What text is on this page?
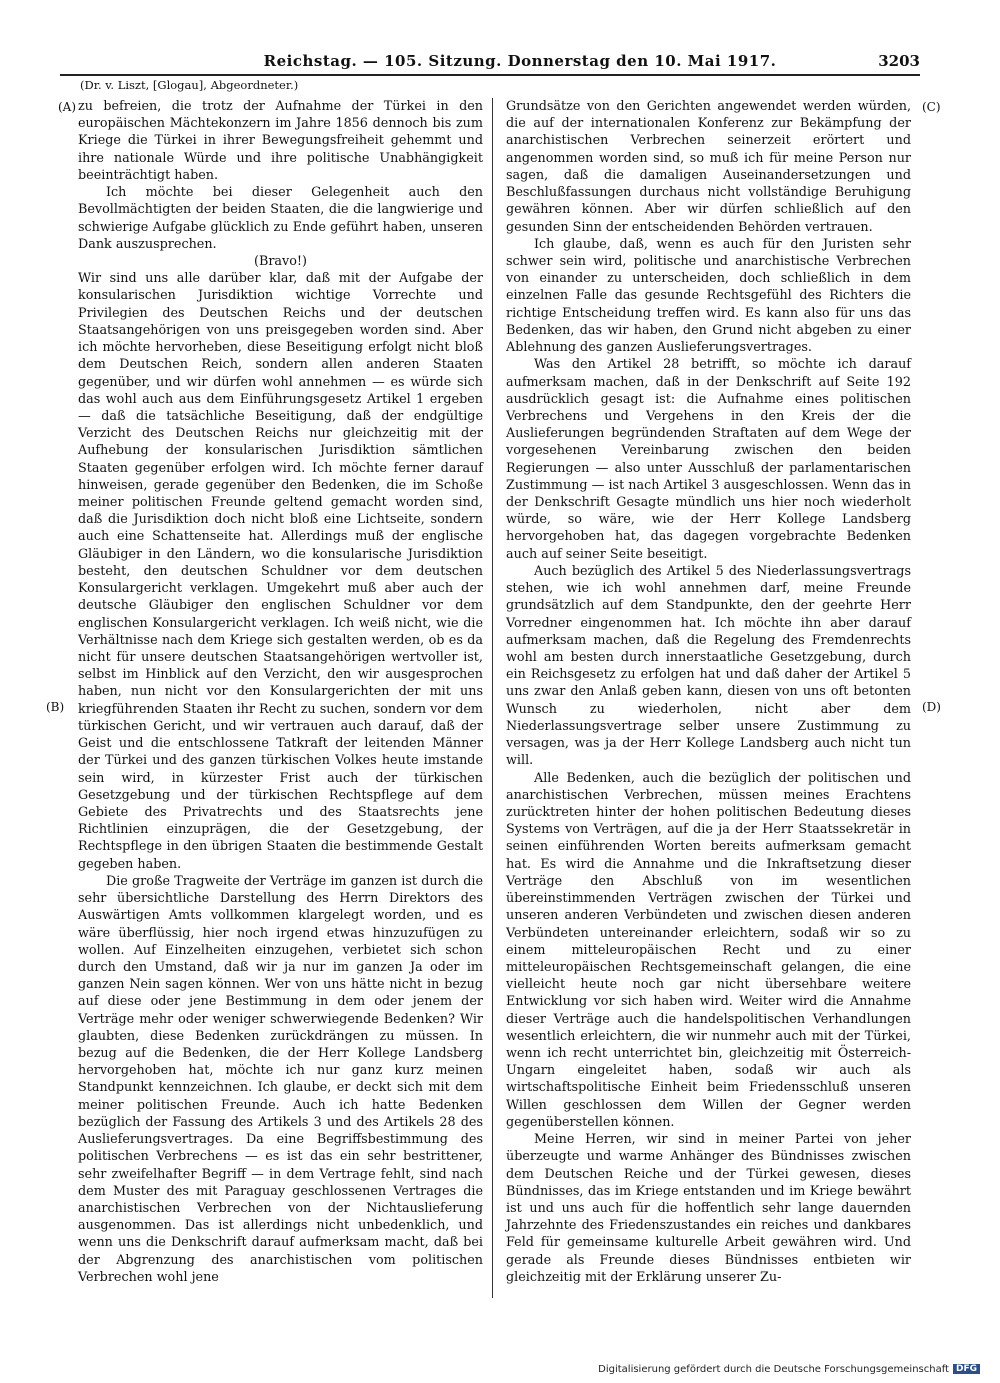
Reichstag. — 105. Sitzung. Donnerstag den 10. Mai 1917.	3203
(Dr. v. Liszt, [Glogau], Abgeordneter.)
(A)
(B)
(C)
(D)

zu befreien, die trotz der Aufnahme der Türkei in den europäischen Mächtekonzern im Jahre 1856 dennoch bis zum Kriege die Türkei in ihrer Bewegungsfreiheit gehemmt und ihre nationale Würde und ihre politische Unabhängigkeit beeinträchtigt haben.

Ich möchte bei dieser Gelegenheit auch den Bevollmächtigten der beiden Staaten, die die langwierige und schwierige Aufgabe glücklich zu Ende geführt haben, unseren Dank auszusprechen.

(Bravo!)

Wir sind uns alle darüber klar, daß mit der Aufgabe der konsularischen Jurisdiktion wichtige Vorrechte und Privilegien des Deutschen Reichs und der deutschen Staatsangehörigen von uns preisgegeben worden sind. Aber ich möchte hervorheben, diese Beseitigung erfolgt nicht bloß dem Deutschen Reich, sondern allen anderen Staaten gegenüber, und wir dürfen wohl annehmen — es würde sich das wohl auch aus dem Einführungsgesetz Artikel 1 ergeben — daß die tatsächliche Beseitigung, daß der endgültige Verzicht des Deutschen Reichs nur gleichzeitig mit der Aufhebung der konsularischen Jurisdiktion sämtlichen Staaten gegenüber erfolgen wird. Ich möchte ferner darauf hinweisen, gerade gegenüber den Bedenken, die im Schoße meiner politischen Freunde geltend gemacht worden sind, daß die Jurisdiktion doch nicht bloß eine Lichtseite, sondern auch eine Schattenseite hat. Allerdings muß der englische Gläubiger in den Ländern, wo die konsularische Jurisdiktion besteht, den deutschen Schuldner vor dem deutschen Konsulargericht verklagen. Umgekehrt muß aber auch der deutsche Gläubiger den englischen Schuldner vor dem englischen Konsulargericht verklagen. Ich weiß nicht, wie die Verhältnisse nach dem Kriege sich gestalten werden, ob es da nicht für unsere deutschen Staatsangehörigen wertvoller ist, selbst im Hinblick auf den Verzicht, den wir ausgesprochen haben, nun nicht vor den Konsulargerichten der mit uns kriegführenden Staaten ihr Recht zu suchen, sondern vor dem türkischen Gericht, und wir vertrauen auch darauf, daß der Geist und die entschlossene Tatkraft der leitenden Männer der Türkei und des ganzen türkischen Volkes heute imstande sein wird, in kürzester Frist auch der türkischen Gesetzgebung und der türkischen Rechtspflege auf dem Gebiete des Privatrechts und des Staatsrechts jene Richtlinien einzuprägen, die der Gesetzgebung, der Rechtspflege in den übrigen Staaten die bestimmende Gestalt gegeben haben.

Die große Tragweite der Verträge im ganzen ist durch die sehr übersichtliche Darstellung des Herrn Direktors des Auswärtigen Amts vollkommen klargelegt worden, und es wäre überflüssig, hier noch irgend etwas hinzuzufügen zu wollen. Auf Einzelheiten einzugehen, verbietet sich schon durch den Umstand, daß wir ja nur im ganzen Ja oder im ganzen Nein sagen können. Wer von uns hätte nicht in bezug auf diese oder jene Bestimmung in dem oder jenem der Verträge mehr oder weniger schwerwiegende Bedenken? Wir glaubten, diese Bedenken zurückdrängen zu müssen. In bezug auf die Bedenken, die der Herr Kollege Landsberg hervorgehoben hat, möchte ich nur ganz kurz meinen Standpunkt kennzeichnen. Ich glaube, er deckt sich mit dem meiner politischen Freunde. Auch ich hatte Bedenken bezüglich der Fassung des Artikels 3 und des Artikels 28 des Auslieferungsvertrages. Da eine Begriffsbestimmung des politischen Verbrechens — es ist das ein sehr bestrittener, sehr zweifelhafter Begriff — in dem Vertrage fehlt, sind nach dem Muster des mit Paraguay geschlossenen Vertrages die anarchistischen Verbrechen von der Nichtauslieferung ausgenommen. Das ist allerdings nicht unbedenklich, und wenn uns die Denkschrift darauf aufmerksam macht, daß bei der Abgrenzung des anarchistischen vom politischen Verbrechen wohl jene

Grundsätze von den Gerichten angewendet werden würden, die auf der internationalen Konferenz zur Bekämpfung der anarchistischen Verbrechen seinerzeit erörtert und angenommen worden sind, so muß ich für meine Person nur sagen, daß die damaligen Auseinandersetzungen und Beschlußfassungen durchaus nicht vollständige Beruhigung gewähren können. Aber wir dürfen schließlich auf den gesunden Sinn der entscheidenden Behörden vertrauen.

Ich glaube, daß, wenn es auch für den Juristen sehr schwer sein wird, politische und anarchistische Verbrechen von einander zu unterscheiden, doch schließlich in dem einzelnen Falle das gesunde Rechtsgefühl des Richters die richtige Entscheidung treffen wird. Es kann also für uns das Bedenken, das wir haben, den Grund nicht abgeben zu einer Ablehnung des ganzen Auslieferungsvertrages.

Was den Artikel 28 betrifft, so möchte ich darauf aufmerksam machen, daß in der Denkschrift auf Seite 192 ausdrücklich gesagt ist: die Aufnahme eines politischen Verbrechens und Vergehens in den Kreis der die Auslieferungen begründenden Straftaten auf dem Wege der vorgesehenen Vereinbarung zwischen den beiden Regierungen — also unter Ausschluß der parlamentarischen Zustimmung — ist nach Artikel 3 ausgeschlossen. Wenn das in der Denkschrift Gesagte mündlich uns hier noch wiederholt würde, so wäre, wie der Herr Kollege Landsberg hervorgehoben hat, das dagegen vorgebrachte Bedenken auch auf seiner Seite beseitigt.

Auch bezüglich des Artikel 5 des Niederlassungsvertrags stehen, wie ich wohl annehmen darf, meine Freunde grundsätzlich auf dem Standpunkte, den der geehrte Herr Vorredner eingenommen hat. Ich möchte ihn aber darauf aufmerksam machen, daß die Regelung des Fremdenrechts wohl am besten durch innerstaatliche Gesetzgebung, durch ein Reichsgesetz zu erfolgen hat und daß daher der Artikel 5 uns zwar den Anlaß geben kann, diesen von uns oft betonten Wunsch zu wiederholen, nicht aber dem Niederlassungsvertrage selber unsere Zustimmung zu versagen, was ja der Herr Kollege Landsberg auch nicht tun will.

Alle Bedenken, auch die bezüglich der politischen und anarchistischen Verbrechen, müssen meines Erachtens zurücktreten hinter der hohen politischen Bedeutung dieses Systems von Verträgen, auf die ja der Herr Staatssekretär in seinen einführenden Worten bereits aufmerksam gemacht hat. Es wird die Annahme und die Inkraftsetzung dieser Verträge den Abschluß von im wesentlichen übereinstimmenden Verträgen zwischen der Türkei und unseren anderen Verbündeten und zwischen diesen anderen Verbündeten untereinander erleichtern, sodaß wir so zu einem mitteleuropäischen Recht und zu einer mitteleuropäischen Rechtsgemeinschaft gelangen, die eine vielleicht heute noch gar nicht übersehbare weitere Entwicklung vor sich haben wird. Weiter wird die Annahme dieser Verträge auch die handelspolitischen Verhandlungen wesentlich erleichtern, die wir nunmehr auch mit der Türkei, wenn ich recht unterrichtet bin, gleichzeitig mit Österreich-Ungarn eingeleitet haben, sodaß wir auch als wirtschaftspolitische Einheit beim Friedensschluß unseren Willen geschlossen dem Willen der Gegner werden gegenüberstellen können.

Meine Herren, wir sind in meiner Partei von jeher überzeugte und warme Anhänger des Bündnisses zwischen dem Deutschen Reiche und der Türkei gewesen, dieses Bündnisses, das im Kriege entstanden und im Kriege bewährt ist und uns auch für die hoffentlich sehr lange dauernden Jahrzehnte des Friedenszustandes ein reiches und dankbares Feld für gemeinsame kulturelle Arbeit gewähren wird. Und gerade als Freunde dieses Bündnisses entbieten wir gleichzeitig mit der Erklärung unserer Zu-

Digitalisierung gefördert durch die Deutsche Forschungsgemeinschaft DFG
